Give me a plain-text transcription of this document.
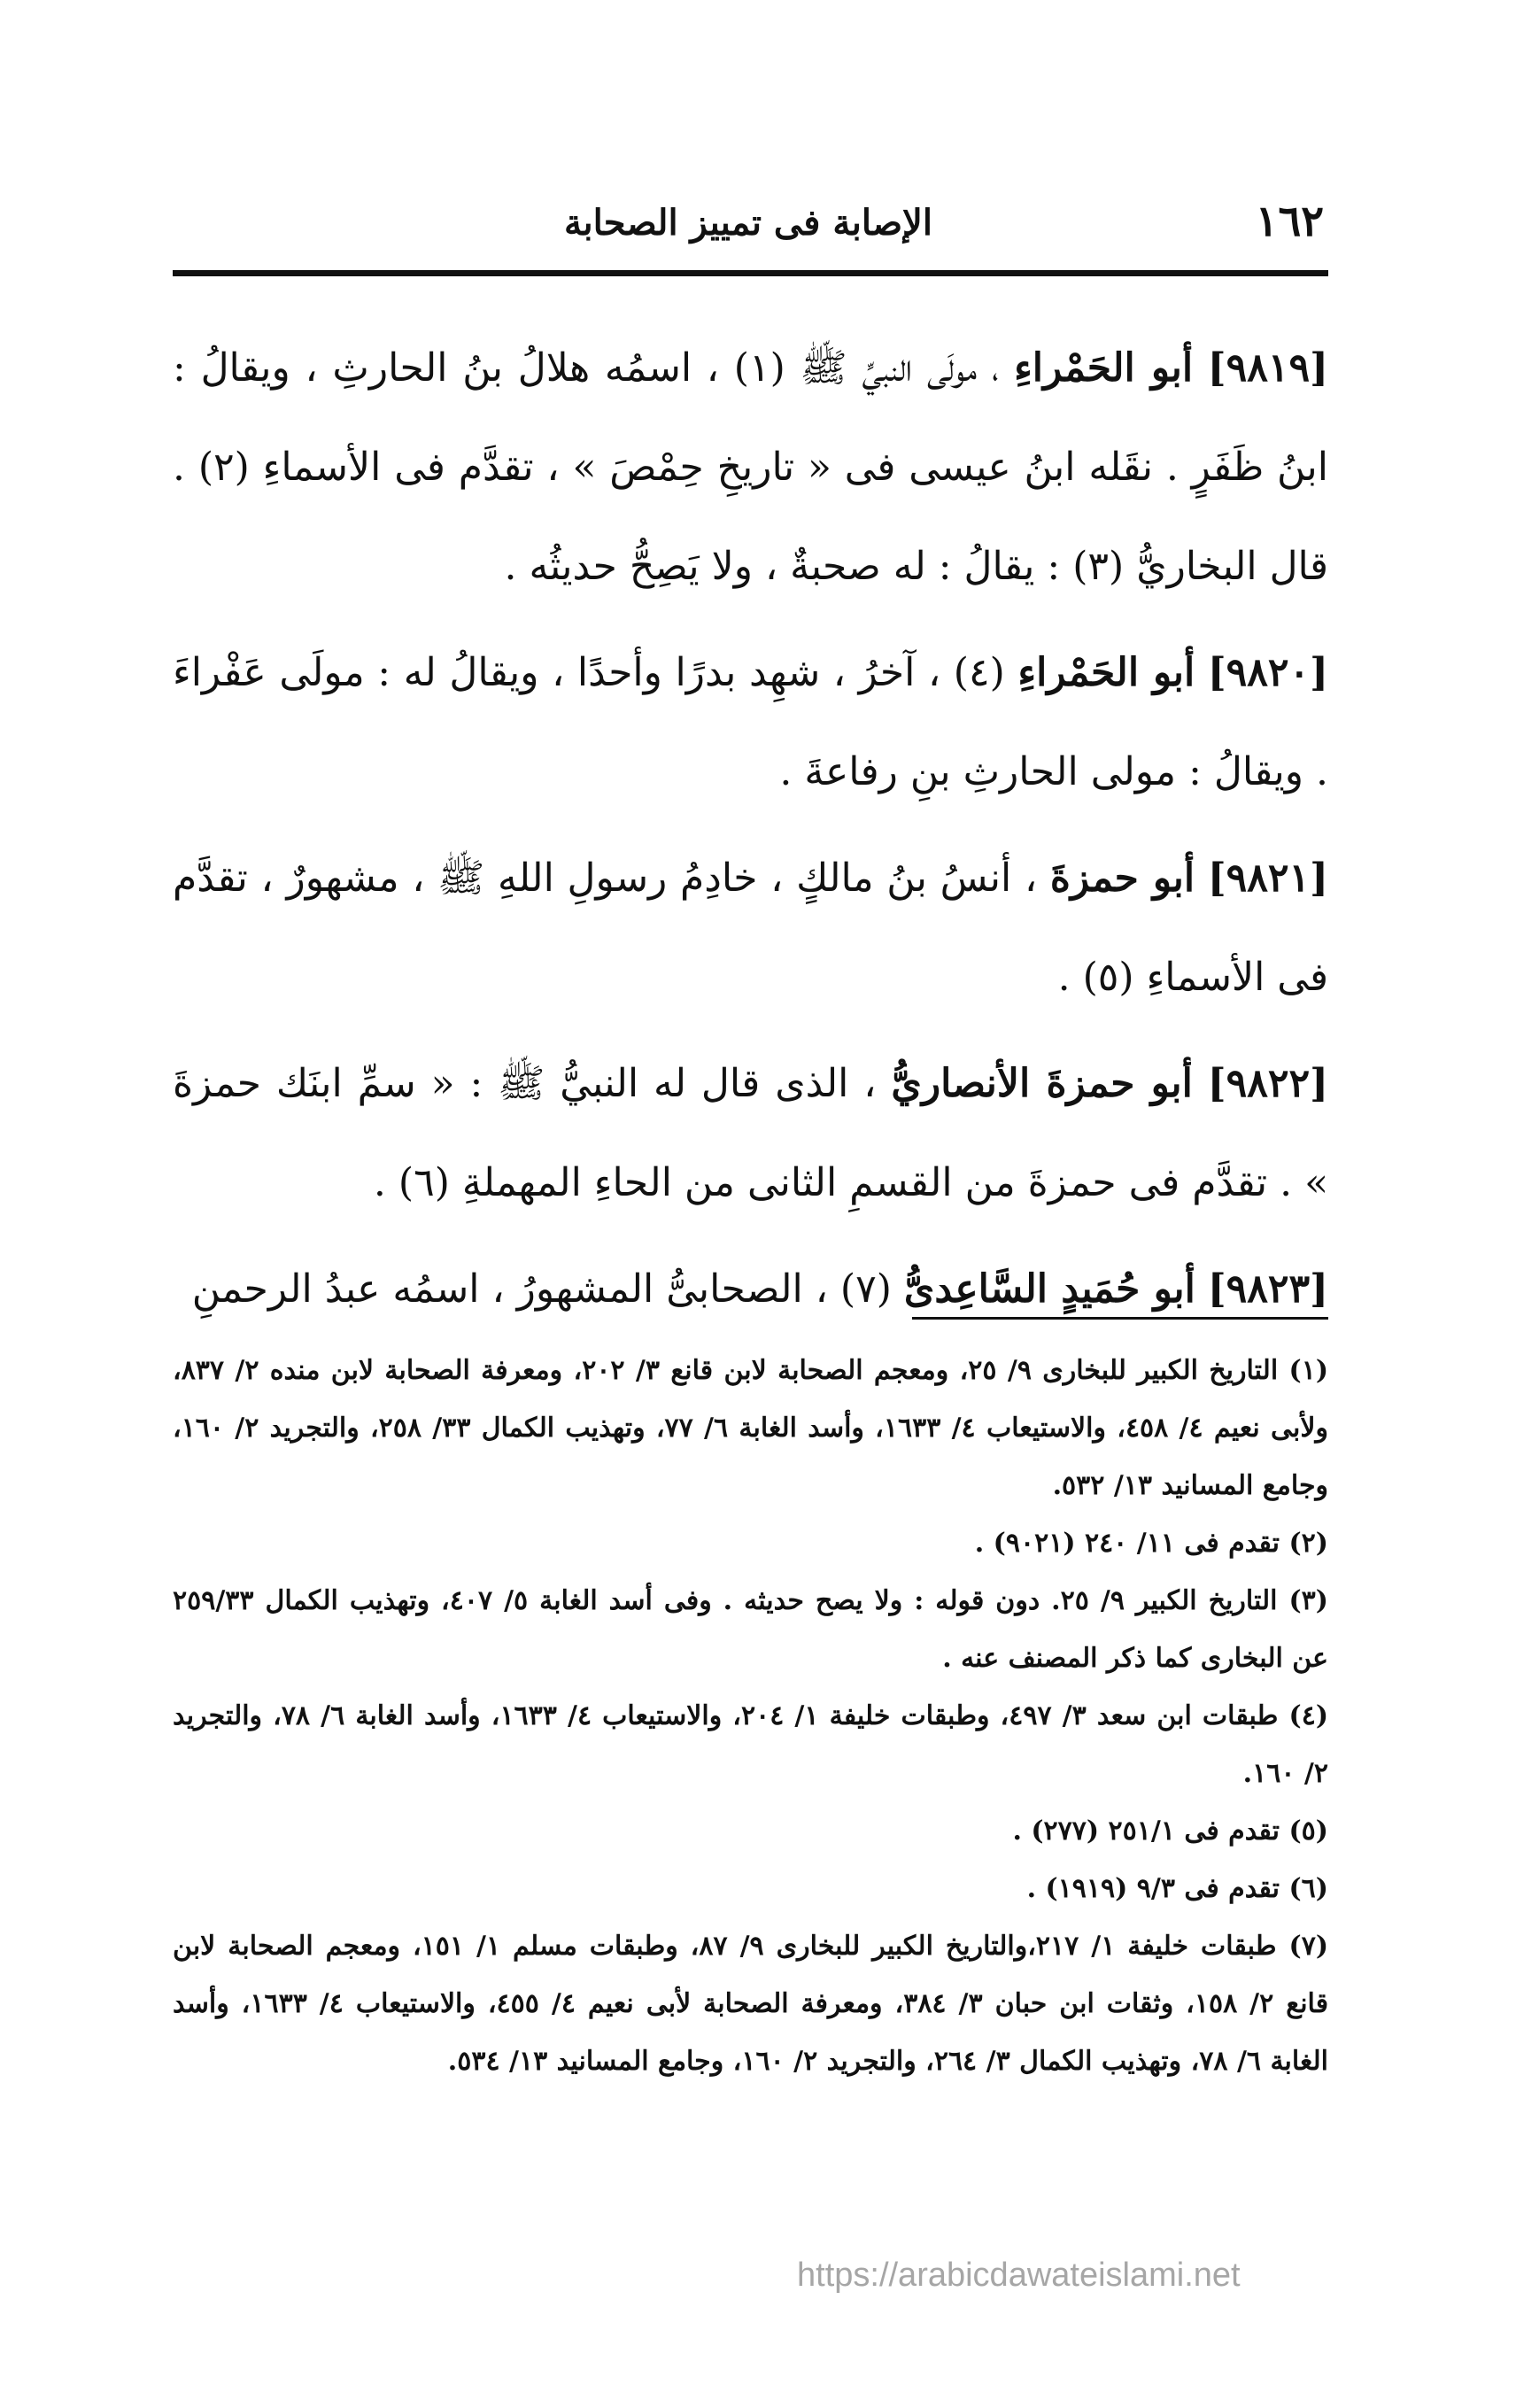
١٦٢
الإصابة فى تمييز الصحابة

[٩٨١٩] أبو الحَمْراءِ ، مولَى النبيِّ ﷺ (١) ، اسمُه هلالُ بنُ الحارثِ ، ويقالُ : ابنُ ظَفَرٍ . نقَله ابنُ عيسى فى « تاريخِ حِمْصَ » ، تقدَّم فى الأسماءِ (٢) . قال البخاريُّ (٣) : يقالُ : له صحبةٌ ، ولا يَصِحُّ حديثُه .

[٩٨٢٠] أبو الحَمْراءِ (٤) ، آخرُ ، شهِد بدرًا وأحدًا ، ويقالُ له : مولَى عَفْراءَ . ويقالُ : مولى الحارثِ بنِ رفاعةَ .

[٩٨٢١] أبو حمزةَ ، أنسُ بنُ مالكٍ ، خادِمُ رسولِ اللهِ ﷺ ، مشهورٌ ، تقدَّم فى الأسماءِ (٥) .

[٩٨٢٢] أبو حمزةَ الأنصاريُّ ، الذى قال له النبيُّ ﷺ : « سمِّ ابنَك حمزةَ » . تقدَّم فى حمزةَ من القسمِ الثانى من الحاءِ المهملةِ (٦) .

[٩٨٢٣] أبو حُمَيدٍ السَّاعِدىُّ (٧) ، الصحابىُّ المشهورُ ، اسمُه عبدُ الرحمنِ

(١) التاريخ الكبير للبخارى ٩/ ٢٥، ومعجم الصحابة لابن قانع ٣/ ٢٠٢، ومعرفة الصحابة لابن منده ٢/ ٨٣٧، ولأبى نعيم ٤/ ٤٥٨، والاستيعاب ٤/ ١٦٣٣، وأسد الغابة ٦/ ٧٧، وتهذيب الكمال ٣٣/ ٢٥٨، والتجريد ٢/ ١٦٠، وجامع المسانيد ١٣/ ٥٣٢.

(٢) تقدم فى ١١/ ٢٤٠ (٩٠٢١) .

(٣) التاريخ الكبير ٩/ ٢٥. دون قوله : ولا يصح حديثه . وفى أسد الغابة ٥/ ٤٠٧، وتهذيب الكمال ٢٥٩/٣٣ عن البخارى كما ذكر المصنف عنه .

(٤) طبقات ابن سعد ٣/ ٤٩٧، وطبقات خليفة ١/ ٢٠٤، والاستيعاب ٤/ ١٦٣٣، وأسد الغابة ٦/ ٧٨، والتجريد ٢/ ١٦٠.

(٥) تقدم فى ٢٥١/١ (٢٧٧) .

(٦) تقدم فى ٩/٣ (١٩١٩) .

(٧) طبقات خليفة ١/ ٢١٧،والتاريخ الكبير للبخارى ٩/ ٨٧، وطبقات مسلم ١/ ١٥١، ومعجم الصحابة لابن قانع ٢/ ١٥٨، وثقات ابن حبان ٣/ ٣٨٤، ومعرفة الصحابة لأبى نعيم ٤/ ٤٥٥، والاستيعاب ٤/ ١٦٣٣، وأسد الغابة ٦/ ٧٨، وتهذيب الكمال ٣/ ٢٦٤، والتجريد ٢/ ١٦٠، وجامع المسانيد ١٣/ ٥٣٤.

https://arabicdawateislami.net
